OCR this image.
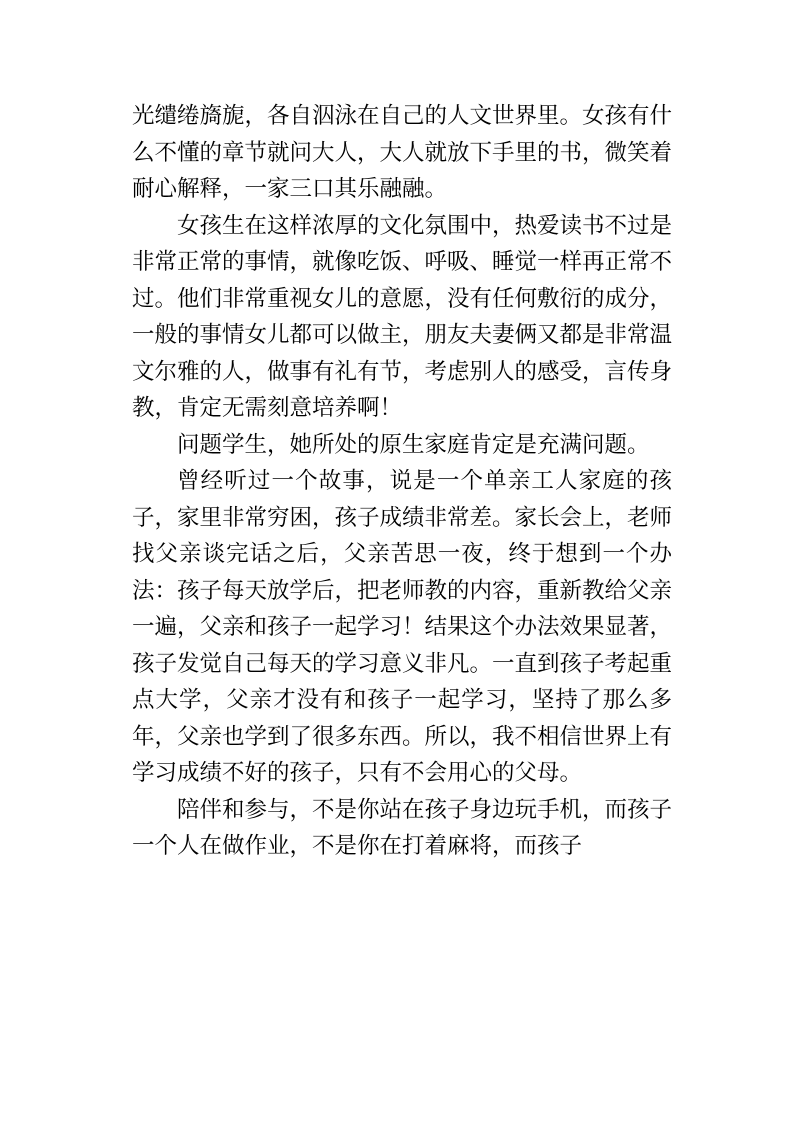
光缱绻旖旎，各自泅泳在自己的人文世界里。女孩有什么不懂的章节就问大人，大人就放下手里的书，微笑着耐心解释，一家三口其乐融融。

女孩生在这样浓厚的文化氛围中，热爱读书不过是非常正常的事情，就像吃饭、呼吸、睡觉一样再正常不过。他们非常重视女儿的意愿，没有任何敷衍的成分，一般的事情女儿都可以做主，朋友夫妻俩又都是非常温文尔雅的人，做事有礼有节，考虑别人的感受，言传身教，肯定无需刻意培养啊！

问题学生，她所处的原生家庭肯定是充满问题。

曾经听过一个故事，说是一个单亲工人家庭的孩子，家里非常穷困，孩子成绩非常差。家长会上，老师找父亲谈完话之后，父亲苦思一夜，终于想到一个办法：孩子每天放学后，把老师教的内容，重新教给父亲一遍，父亲和孩子一起学习！结果这个办法效果显著，孩子发觉自己每天的学习意义非凡。一直到孩子考起重点大学，父亲才没有和孩子一起学习，坚持了那么多年，父亲也学到了很多东西。所以，我不相信世界上有学习成绩不好的孩子，只有不会用心的父母。

陪伴和参与，不是你站在孩子身边玩手机，而孩子一个人在做作业，不是你在打着麻将，而孩子
